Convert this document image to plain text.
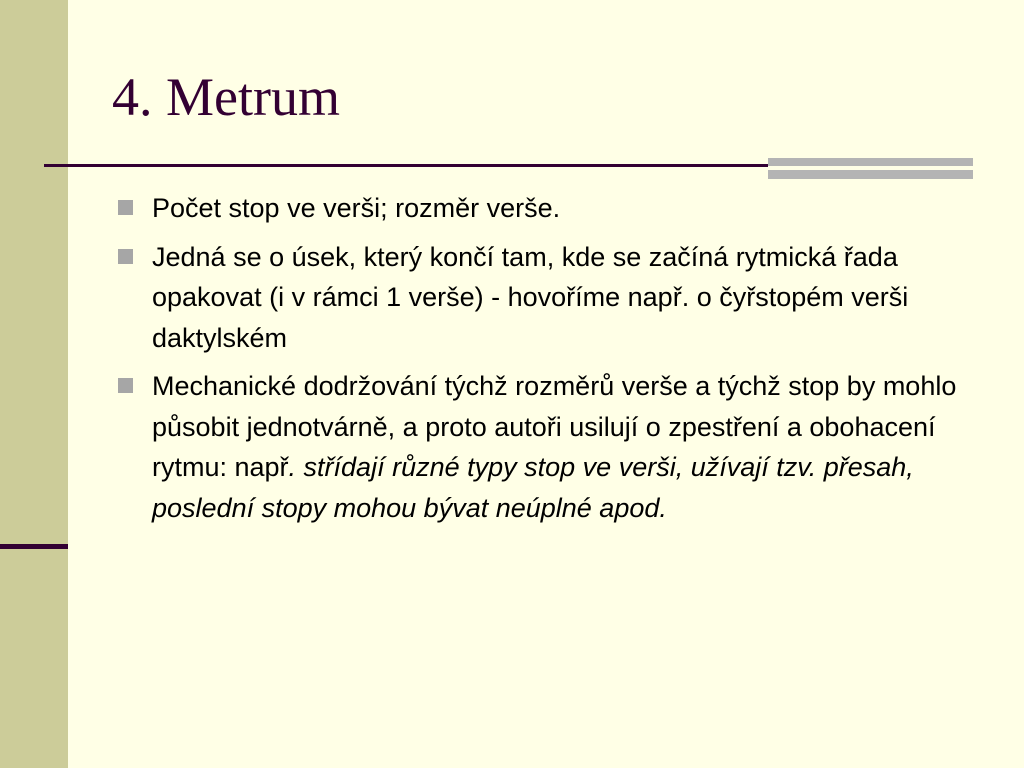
4. Metrum
Počet stop ve verši; rozměr verše.
Jedná se o úsek, který končí tam, kde se začíná rytmická řada opakovat (i v rámci 1 verše) - hovoříme např. o čyřstopém verši daktylském
Mechanické dodržování týchž rozměrů verše a týchž stop by mohlo působit jednotvárně, a proto autoři usilují o zpestření a obohacení rytmu: např. střídají různé typy stop ve verši, užívají tzv. přesah, poslední stopy mohou bývat neúplné apod.
